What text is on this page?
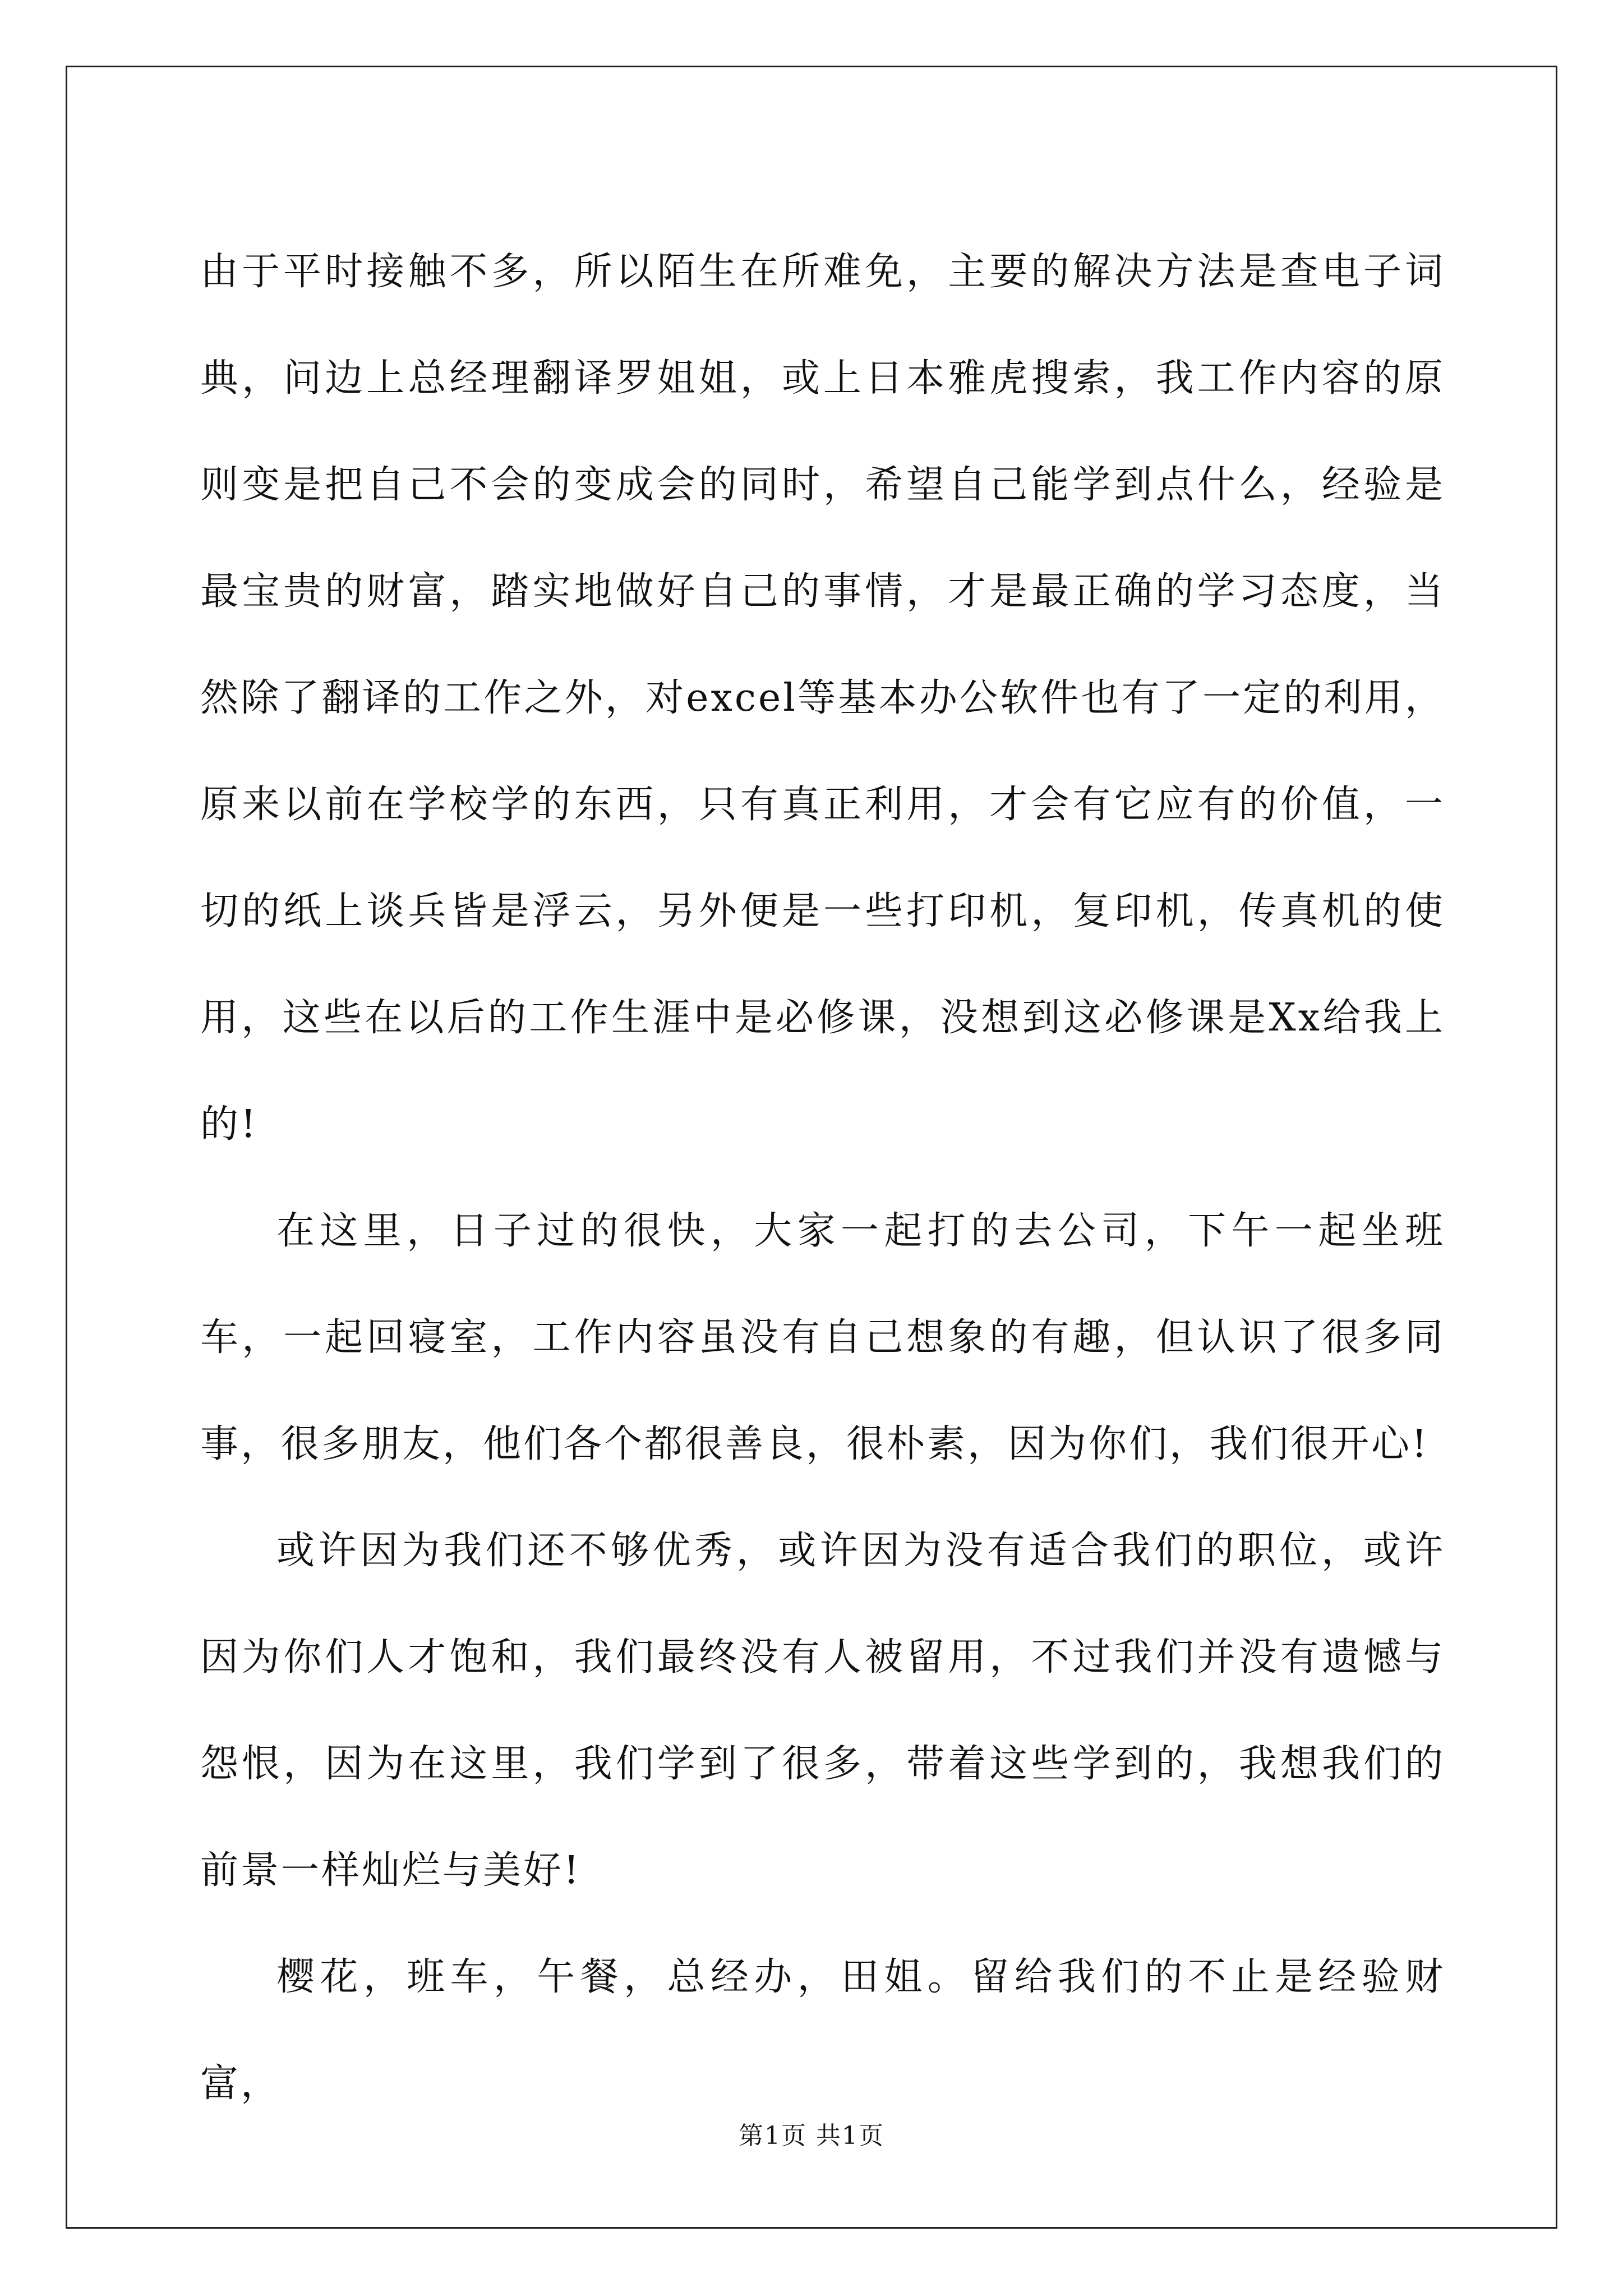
由于平时接触不多，所以陌生在所难免，主要的解决方法是查电子词典，问边上总经理翻译罗姐姐，或上日本雅虎搜索，我工作内容的原则变是把自己不会的变成会的同时，希望自己能学到点什么，经验是最宝贵的财富，踏实地做好自己的事情，才是最正确的学习态度，当然除了翻译的工作之外，对excel等基本办公软件也有了一定的利用，原来以前在学校学的东西，只有真正利用，才会有它应有的价值，一切的纸上谈兵皆是浮云，另外便是一些打印机，复印机，传真机的使用，这些在以后的工作生涯中是必修课，没想到这必修课是Xx给我上的!

在这里，日子过的很快，大家一起打的去公司，下午一起坐班车，一起回寝室，工作内容虽没有自己想象的有趣，但认识了很多同事，很多朋友，他们各个都很善良，很朴素，因为你们，我们很开心!

或许因为我们还不够优秀，或许因为没有适合我们的职位，或许因为你们人才饱和，我们最终没有人被留用，不过我们并没有遗憾与怨恨，因为在这里，我们学到了很多，带着这些学到的，我想我们的前景一样灿烂与美好!

樱花，班车，午餐，总经办，田姐。留给我们的不止是经验财富，

第1页 共1页
